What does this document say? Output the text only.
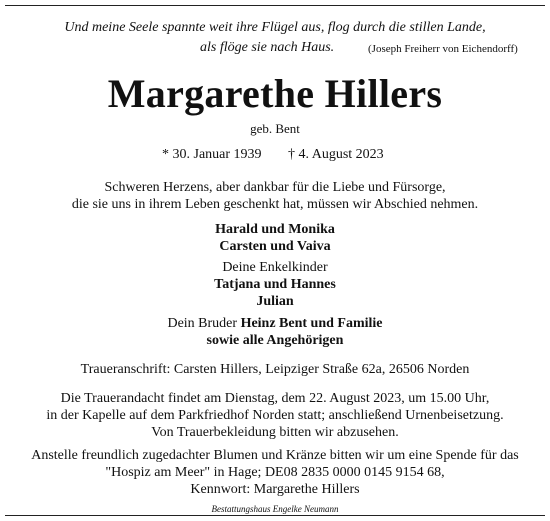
Und meine Seele spannte weit ihre Flügel aus, flog durch die stillen Lande,
als flöge sie nach Haus.	(Joseph Freiherr von Eichendorff)
Margarethe Hillers
geb. Bent
* 30. Januar 1939 † 4. August 2023
Schweren Herzens, aber dankbar für die Liebe und Fürsorge,
die sie uns in ihrem Leben geschenkt hat, müssen wir Abschied nehmen.
Harald und Monika
Carsten und Vaiva
Deine Enkelkinder
Tatjana und Hannes
Julian
Dein Bruder Heinz Bent und Familie
sowie alle Angehörigen
Traueranschrift: Carsten Hillers, Leipziger Straße 62a, 26506 Norden
Die Trauerandacht findet am Dienstag, dem 22. August 2023, um 15.00 Uhr,
in der Kapelle auf dem Parkfriedhof Norden statt; anschließend Urnenbeisetzung.
Von Trauerbekleidung bitten wir abzusehen.
Anstelle freundlich zugedachter Blumen und Kränze bitten wir um eine Spende für das
"Hospiz am Meer" in Hage; DE08 2835 0000 0145 9154 68,
Kennwort: Margarethe Hillers
Bestattungshaus Engelke Neumann
